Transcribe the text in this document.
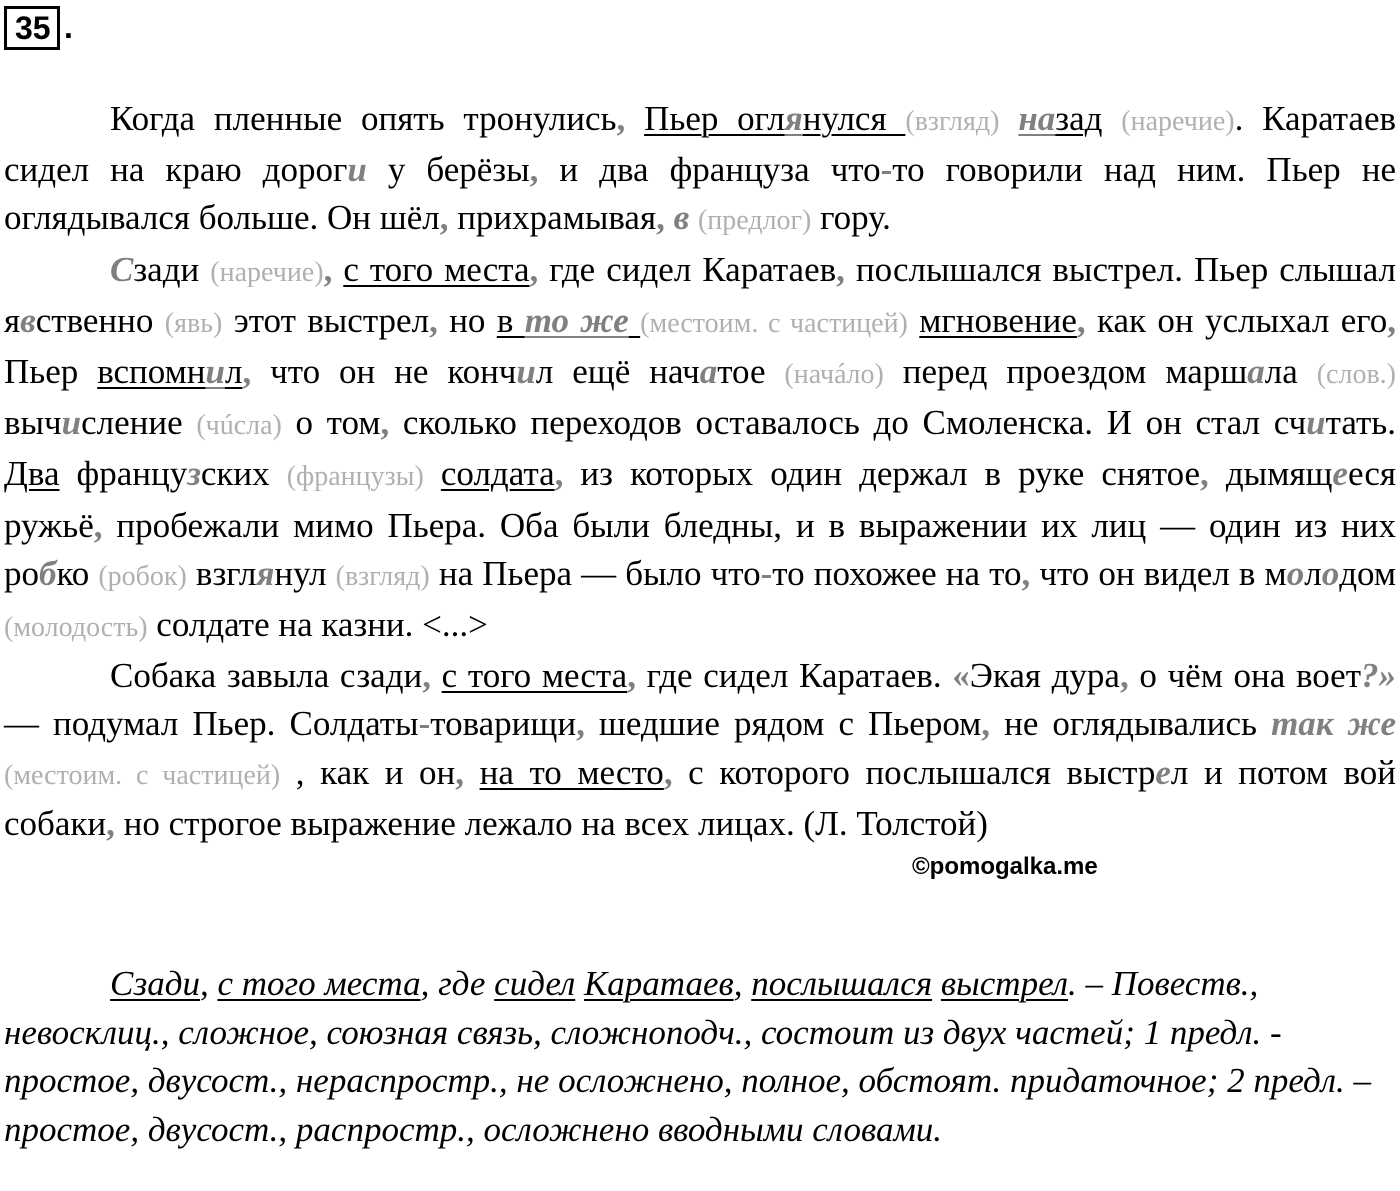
35 .

Когда пленные опять тронулись, Пьер оглянулся (взгляд) назад (наречие). Каратаев сидел на краю дороги у берёзы, и два француза что-то говорили над ним. Пьер не оглядывался больше. Он шёл, прихрамывая, в (предлог) гору.

Сзади (наречие), с того места, где сидел Каратаев, послышался выстрел. Пьер слышал явственно (явь) этот выстрел, но в то же (местоим. с частицей) мгновение, как он услыхал его, Пьер вспомнил, что он не кончил ещё начатое (начáло) перед проездом маршала (слов.) вычисление (чúсла) о том, сколько переходов оставалось до Смоленска. И он стал считать. Два французских (французы) солдата, из которых один держал в руке снятое, дымящееся ружьё, пробежали мимо Пьера. Оба были бледны, и в выражении их лиц — один из них робко (робок) взглянул (взгляд) на Пьера — было что-то похожее на то, что он видел в молодом (молодость) солдате на казни. <...>

Собака завыла сзади, с того места, где сидел Каратаев. «Экая дура, о чём она воет?» — подумал Пьер. Солдаты-товарищи, шедшие рядом с Пьером, не оглядывались так же (местоим. с частицей) , как и он, на то место, с которого послышался выстрел и потом вой собаки, но строгое выражение лежало на всех лицах. (Л. Толстой)

©pomogalka.me

Сзади, с того места, где сидел Каратаев, послышался выстрел. – Повеств., невосклиц., сложное, союзная связь, сложноподч., состоит из двух частей; 1 предл. - простое, двусост., нераспростр., не осложнено, полное, обстоят. придаточное; 2 предл. – простое, двусост., распростр., осложнено вводными словами.
